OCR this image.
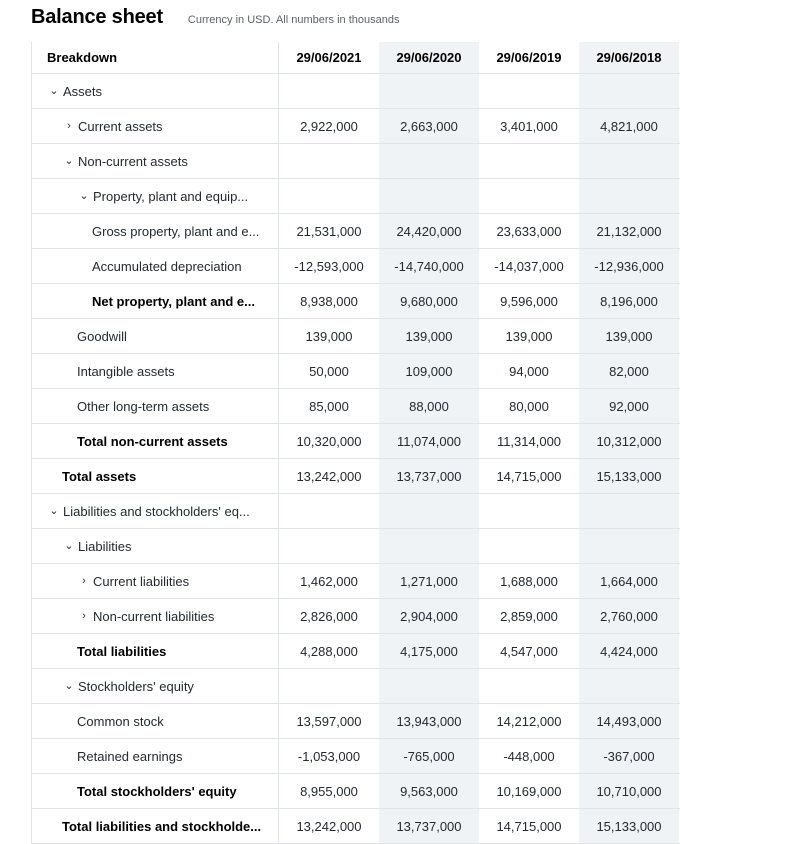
Balance sheet Currency in USD. All numbers in thousands
Breakdown	29/06/2021	29/06/2020	29/06/2019	29/06/2018
⌄ Assets
› Current assets	2,922,000	2,663,000	3,401,000	4,821,000
⌄ Non-current assets
⌄ Property, plant and equip...
Gross property, plant and e...	21,531,000	24,420,000	23,633,000	21,132,000
Accumulated depreciation	-12,593,000	-14,740,000	-14,037,000	-12,936,000
Net property, plant and e...	8,938,000	9,680,000	9,596,000	8,196,000
Goodwill	139,000	139,000	139,000	139,000
Intangible assets	50,000	109,000	94,000	82,000
Other long-term assets	85,000	88,000	80,000	92,000
Total non-current assets	10,320,000	11,074,000	11,314,000	10,312,000
Total assets	13,242,000	13,737,000	14,715,000	15,133,000
⌄ Liabilities and stockholders' eq...
⌄ Liabilities
› Current liabilities	1,462,000	1,271,000	1,688,000	1,664,000
› Non-current liabilities	2,826,000	2,904,000	2,859,000	2,760,000
Total liabilities	4,288,000	4,175,000	4,547,000	4,424,000
⌄ Stockholders' equity
Common stock	13,597,000	13,943,000	14,212,000	14,493,000
Retained earnings	-1,053,000	-765,000	-448,000	-367,000
Total stockholders' equity	8,955,000	9,563,000	10,169,000	10,710,000
Total liabilities and stockholde...	13,242,000	13,737,000	14,715,000	15,133,000
